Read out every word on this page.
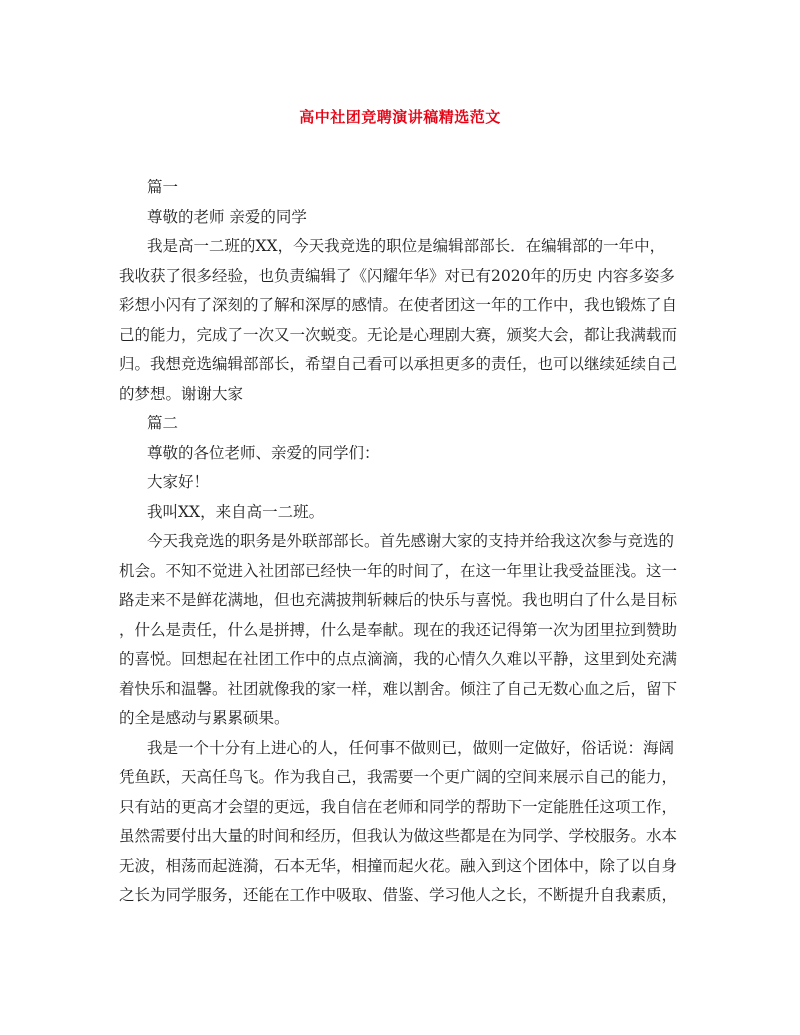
高中社团竞聘演讲稿精选范文
篇一
尊敬的老师 亲爱的同学
我是高一二班的XX，今天我竞选的职位是编辑部部长．在编辑部的一年中，
我收获了很多经验，也负责编辑了《闪耀年华》对已有2020年的历史 内容多姿多
彩想小闪有了深刻的了解和深厚的感情。在使者团这一年的工作中，我也锻炼了自
己的能力，完成了一次又一次蜕变。无论是心理剧大赛，颁奖大会，都让我满载而
归。我想竞选编辑部部长，希望自己看可以承担更多的责任，也可以继续延续自己
的梦想。谢谢大家
篇二
尊敬的各位老师、亲爱的同学们：
大家好！
我叫XX，来自高一二班。
今天我竞选的职务是外联部部长。首先感谢大家的支持并给我这次参与竞选的
机会。不知不觉进入社团部已经快一年的时间了，在这一年里让我受益匪浅。这一
路走来不是鲜花满地，但也充满披荆斩棘后的快乐与喜悦。我也明白了什么是目标
，什么是责任，什么是拼搏，什么是奉献。现在的我还记得第一次为团里拉到赞助
的喜悦。回想起在社团工作中的点点滴滴，我的心情久久难以平静，这里到处充满
着快乐和温馨。社团就像我的家一样，难以割舍。倾注了自己无数心血之后，留下
的全是感动与累累硕果。
我是一个十分有上进心的人，任何事不做则已，做则一定做好，俗话说：海阔
凭鱼跃，天高任鸟飞。作为我自己，我需要一个更广阔的空间来展示自己的能力，
只有站的更高才会望的更远，我自信在老师和同学的帮助下一定能胜任这项工作，
虽然需要付出大量的时间和经历，但我认为做这些都是在为同学、学校服务。水本
无波，相荡而起涟漪，石本无华，相撞而起火花。融入到这个团体中，除了以自身
之长为同学服务，还能在工作中吸取、借鉴、学习他人之长，不断提升自我素质，
